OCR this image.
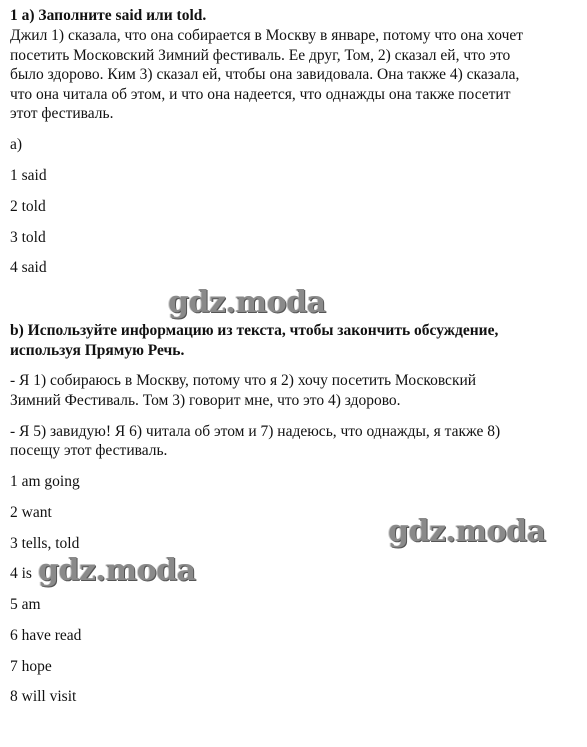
1 а) Заполните said или told.
Джил 1) сказала, что она собирается в Москву в январе, потому что она хочет
посетить Московский Зимний фестиваль. Ее друг, Том, 2) сказал ей, что это
было здорово. Ким 3) сказал ей, чтобы она завидовала. Она также 4) сказала,
что она читала об этом, и что она надеется, что однажды она также посетит
этот фестиваль.
а)
1 said
2 told
3 told
4 said
b) Используйте информацию из текста, чтобы закончить обсуждение,
используя Прямую Речь.
- Я 1) собираюсь в Москву, потому что я 2) хочу посетить Московский
Зимний Фестиваль. Том 3) говорит мне, что это 4) здорово.
- Я 5) завидую! Я 6) читала об этом и 7) надеюсь, что однажды, я также 8)
посещу этот фестиваль.
1 am going
2 want
3 tells, told
4 is
5 am
6 have read
7 hope
8 will visit
gdz.moda
gdz.moda
gdz.moda
